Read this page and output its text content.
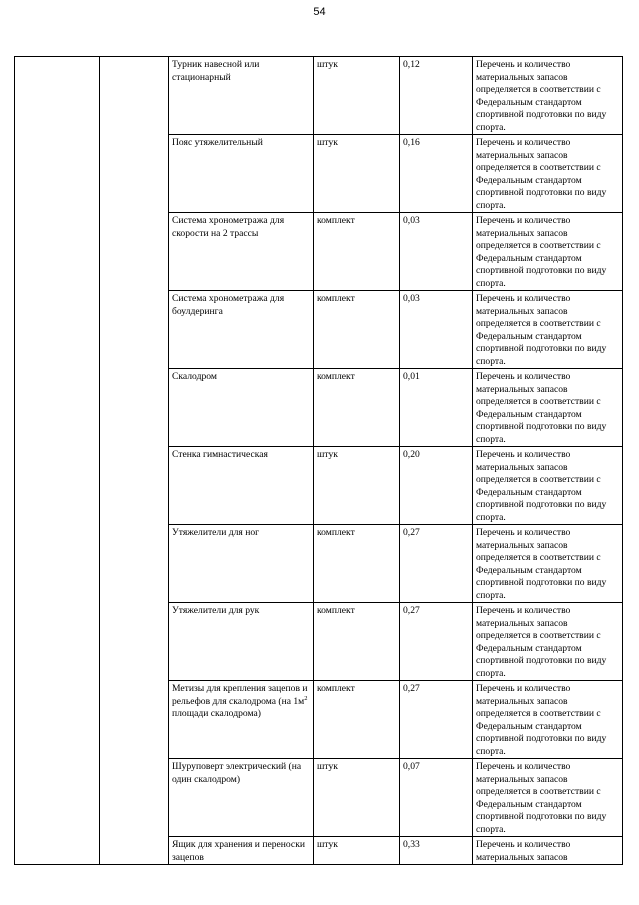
54
		Турник навесной или стационарный	штук	0,12	Перечень и количество материальных запасов определяется в соответствии с Федеральным стандартом спортивной подготовки по виду спорта.
		Пояс утяжелительный	штук	0,16	Перечень и количество материальных запасов определяется в соответствии с Федеральным стандартом спортивной подготовки по виду спорта.
		Система хронометража для скорости на 2 трассы	комплект	0,03	Перечень и количество материальных запасов определяется в соответствии с Федеральным стандартом спортивной подготовки по виду спорта.
		Система хронометража для боулдеринга	комплект	0,03	Перечень и количество материальных запасов определяется в соответствии с Федеральным стандартом спортивной подготовки по виду спорта.
		Скалодром	комплект	0,01	Перечень и количество материальных запасов определяется в соответствии с Федеральным стандартом спортивной подготовки по виду спорта.
		Стенка гимнастическая	штук	0,20	Перечень и количество материальных запасов определяется в соответствии с Федеральным стандартом спортивной подготовки по виду спорта.
		Утяжелители для ног	комплект	0,27	Перечень и количество материальных запасов определяется в соответствии с Федеральным стандартом спортивной подготовки по виду спорта.
		Утяжелители для рук	комплект	0,27	Перечень и количество материальных запасов определяется в соответствии с Федеральным стандартом спортивной подготовки по виду спорта.
		Метизы для крепления зацепов и рельефов для скалодрома (на $1м^2$ площади скалодрома)	комплект	0,27	Перечень и количество материальных запасов определяется в соответствии с Федеральным стандартом спортивной подготовки по виду спорта.
		Шуруповерт электрический (на один скалодром)	штук	0,07	Перечень и количество материальных запасов определяется в соответствии с Федеральным стандартом спортивной подготовки по виду спорта.
		Ящик для хранения и переноски зацепов	штук	0,33	Перечень и количество материальных запасов
